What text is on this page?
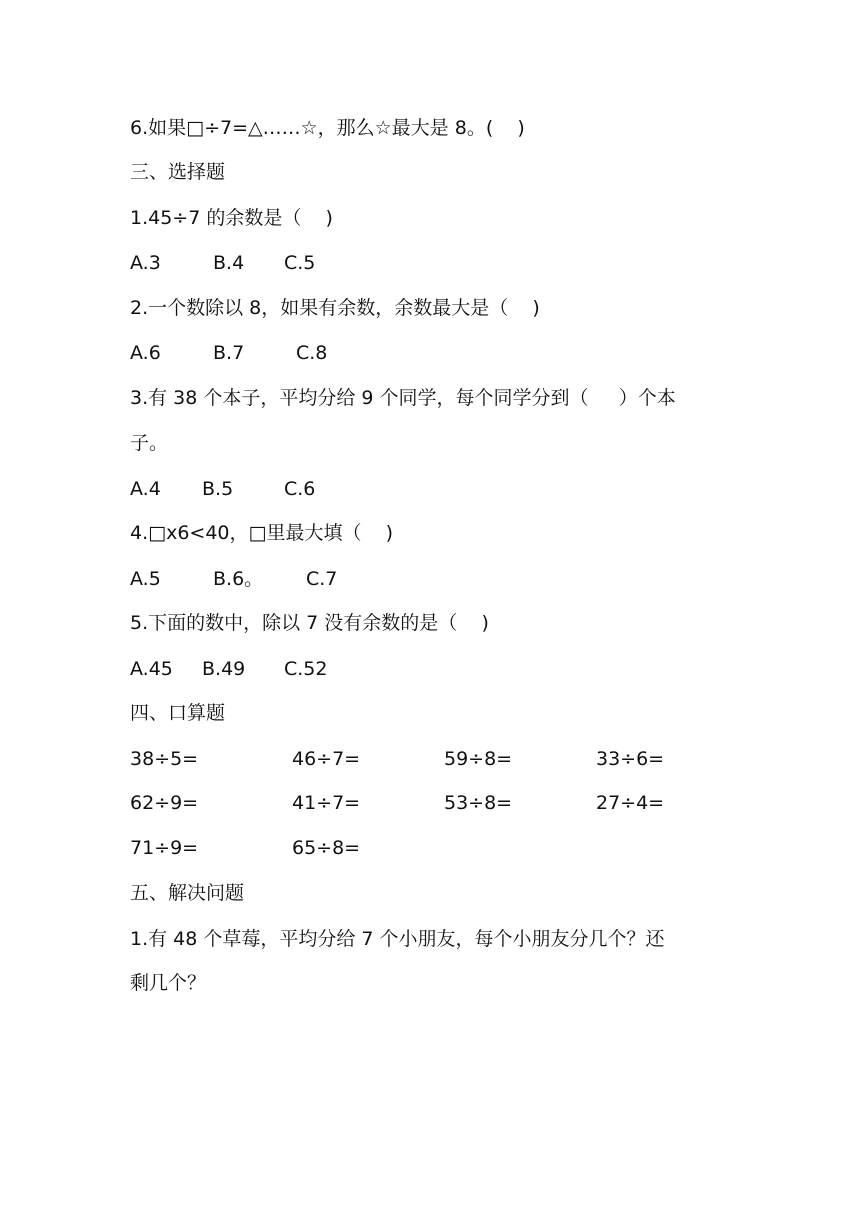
6.如果□÷7=△……☆，那么☆最大是 8。(    )
三、选择题
1.45÷7 的余数是（    )
A.3	B.4 C.5
2.一个数除以 8，如果有余数，余数最大是（    )
A.6	B.7	C.8
3.有 38 个本子，平均分给 9 个同学，每个同学分到（     ）个本
子。
A.4 B.5	C.6
4.□x6<40，□里最大填（    )
A.5	B.6。 C.7
5.下面的数中，除以 7 没有余数的是（    )
A.45 B.49 C.52
四、口算题
38÷5=	46÷7=	59÷8=	33÷6=
62÷9=	41÷7=	53÷8=	27÷4=
71÷9=	65÷8=
五、解决问题
1.有 48 个草莓，平均分给 7 个小朋友，每个小朋友分几个？还
剩几个？
